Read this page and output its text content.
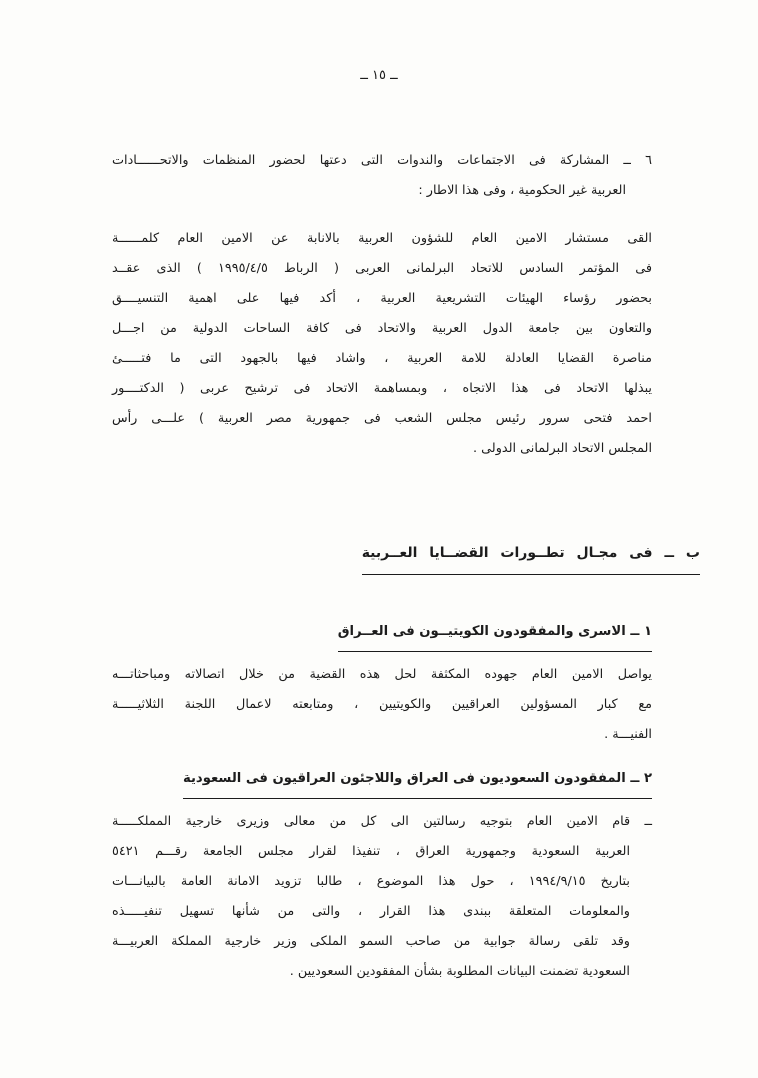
ــ ١٥ ــ
٦ ــ المشاركة فى الاجتماعات والندوات التى دعتها لحضور المنظمات والاتحــــــادات
العربية غير الحكومية ، وفى هذا الاطار :
القى مستشار الامين العام للشؤون العربية بالانابة عن الامين العام كلمــــــة
فى المؤتمر السادس للاتحاد البرلمانى العربى ( الرباط ١٩٩٥/٤/٥ ) الذى عقــد
بحضور رؤساء الهيئات التشريعية العربية ، أكد فيها على اهمية التنسيــــق
والتعاون بين جامعة الدول العربية والاتحاد فى كافة الساحات الدولية من اجـــل
مناصرة القضايا العادلة للامة العربية ، واشاد فيها بالجهود التى ما فتـــــئ
يبذلها الاتحاد فى هذا الاتجاه ، وبمساهمة الاتحاد فى ترشيح عربى ( الدكتــــور
احمد فتحى سرور رئيس مجلس الشعب فى جمهورية مصر العربية ) علـــى رأس
المجلس الاتحاد البرلمانى الدولى .
ب ــ فى مجـال تطــورات القضــايا العــربية
١ ــ الاسرى والمفقودون الكويتيــون فى العــراق
يواصل الامين العام جهوده المكثفة لحل هذه القضية من خلال اتصالاته ومباحثاتـــه
مع كبار المسؤولين العراقيين والكويتيين ، ومتابعته لاعمال اللجنة الثلاثيـــــة
الفنيـــة .
٢ ــ المفقودون السعوديون فى العراق واللاجئون العراقيون فى السعودية
ــ قام الامين العام بتوجيه رسالتين الى كل من معالى وزيرى خارجية المملكـــــة
العربية السعودية وجمهورية العراق ، تنفيذا لقرار مجلس الجامعة رقـــم ٥٤٢١
بتاريخ ١٩٩٤/٩/١٥ ، حول هذا الموضوع ، طالبا تزويد الامانة العامة بالبيانـــات
والمعلومات المتعلقة ببندى هذا القرار ، والتى من شأنها تسهيل تنفيـــــذه
وقد تلقى رسالة جوابية من صاحب السمو الملكى وزير خارجية المملكة العربيـــة
السعودية تضمنت البيانات المطلوبة بشأن المفقودين السعوديين .
